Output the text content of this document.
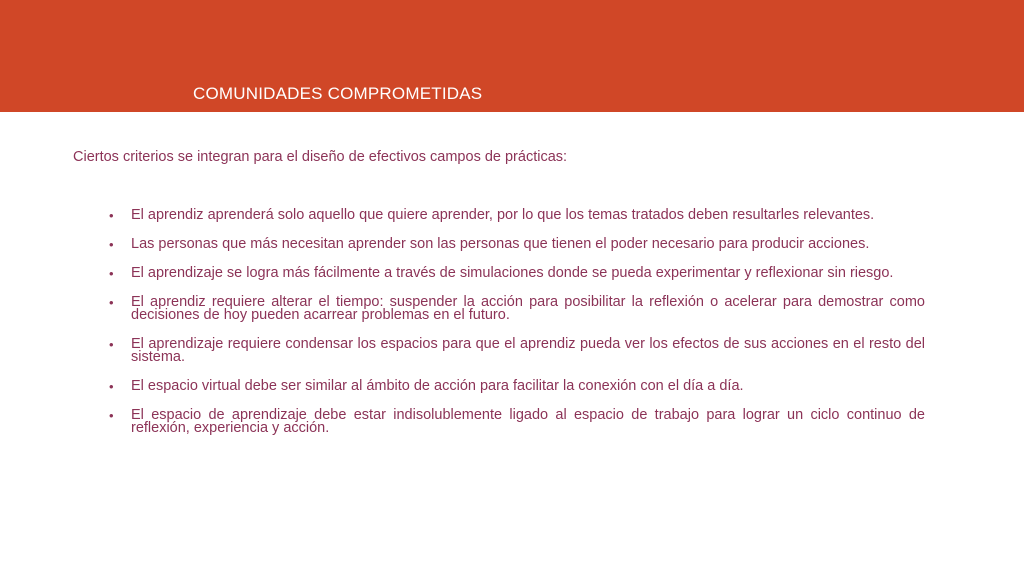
COMUNIDADES COMPROMETIDAS
Ciertos criterios se integran para el diseño de efectivos campos de prácticas:
• El aprendiz aprenderá solo aquello que quiere aprender, por lo que los temas tratados deben resultarles relevantes.
• Las personas que más necesitan aprender son las personas que tienen el poder necesario para producir acciones.
• El aprendizaje se logra más fácilmente a través de simulaciones donde se pueda experimentar y reflexionar sin riesgo.
• El aprendiz requiere alterar el tiempo: suspender la acción para posibilitar la reflexión o acelerar para demostrar como decisiones de hoy pueden acarrear problemas en el futuro.
• El aprendizaje requiere condensar los espacios para que el aprendiz pueda ver los efectos de sus acciones en el resto del sistema.
• El espacio virtual debe ser similar al ámbito de acción para facilitar la conexión con el día a día.
• El espacio de aprendizaje debe estar indisolublemente ligado al espacio de trabajo para lograr un ciclo continuo de reflexión, experiencia y acción.
